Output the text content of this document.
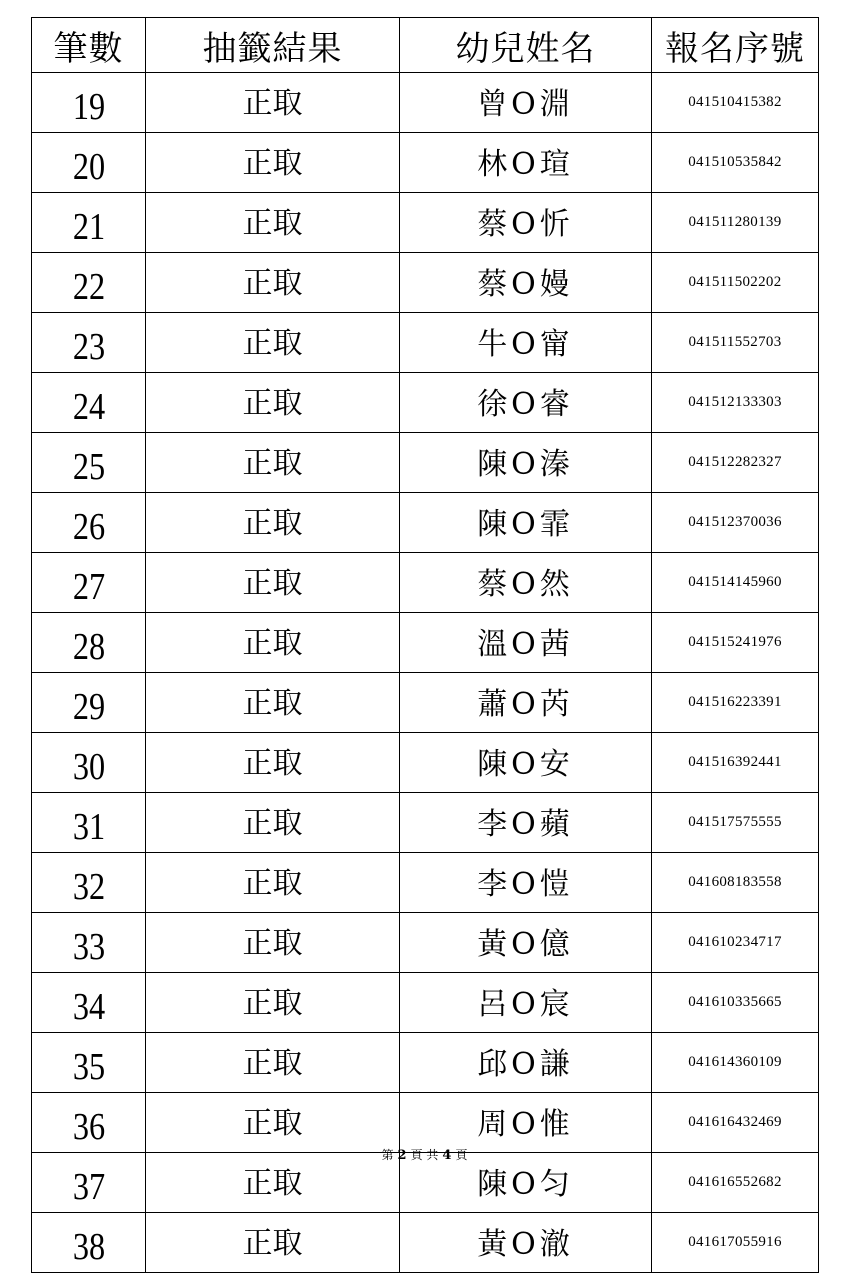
筆數	抽籤結果	幼兒姓名	報名序號
19	正取	曾O淵	041510415382
20	正取	林O瑄	041510535842
21	正取	蔡O忻	041511280139
22	正取	蔡O嫚	041511502202
23	正取	牛O甯	041511552703
24	正取	徐O睿	041512133303
25	正取	陳O溱	041512282327
26	正取	陳O霏	041512370036
27	正取	蔡O然	041514145960
28	正取	溫O茜	041515241976
29	正取	蕭O芮	041516223391
30	正取	陳O安	041516392441
31	正取	李O蘋	041517575555
32	正取	李O愷	041608183558
33	正取	黃O億	041610234717
34	正取	呂O宸	041610335665
35	正取	邱O謙	041614360109
36	正取	周O惟	041616432469
37	正取	陳O匀	041616552682
38	正取	黃O澈	041617055916
第 2 頁 共 4 頁
